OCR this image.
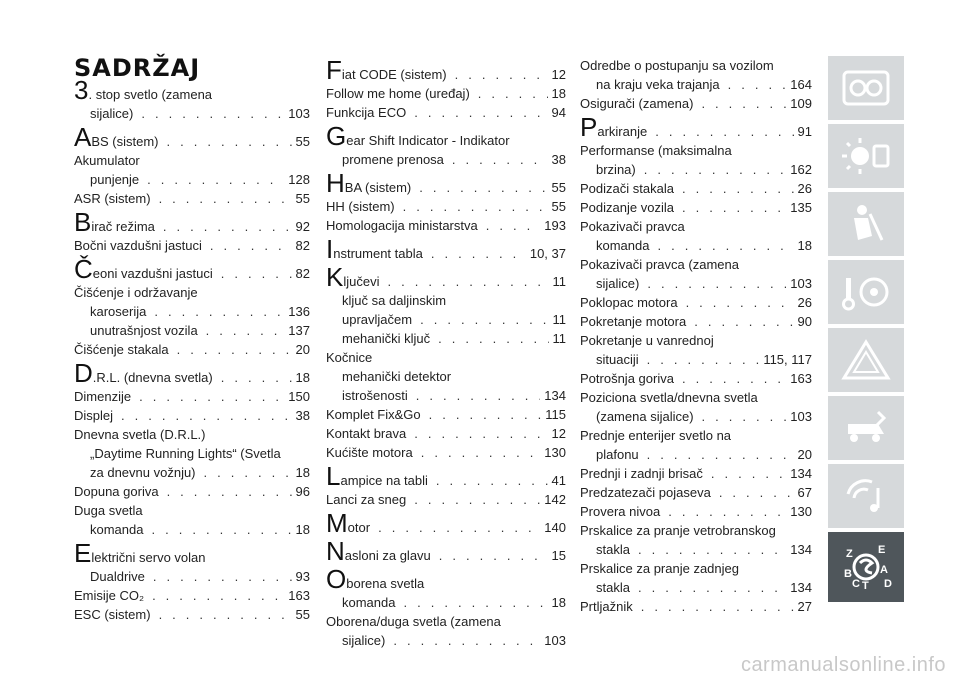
SADRŽAJ
3 . stop svetlo (zamena
sijalice) . . .	103
A BS (sistem) . . .	55
Akumulator
punjenje . . .	128
ASR (sistem) . . .	55
B irač režima . . .	92
Bočni vazdušni jastuci . . .	82
Č eoni vazdušni jastuci . . .	82
Čišćenje i održavanje
karoserija . . .	136
unutrašnjost vozila . . .	137
Čišćenje stakala . . .	20
D .R.L. (dnevna svetla) . . .	18
Dimenzije . . .	150
Displej . . .	38
Dnevna svetla (D.R.L.)
„Daytime Running Lights“ (Svetla
za dnevnu vožnju) . . .	18
Dopuna goriva . . .	96
Duga svetla
komanda . . .	18
E lektrični servo volan
Dualdrive . . .	93
Emisije CO₂ . . .	163
ESC (sistem) . . .	55
F iat CODE (sistem) . . .	12
Follow me home (uređaj) . . .	18
Funkcija ECO . . .	94
G ear Shift Indicator - Indikator
promene prenosa . . .	38
H BA (sistem) . . .	55
HH (sistem) . . .	55
Homologacija ministarstva . . .	193
I nstrument tabla . . .	10, 37
K ljučevi . . .	11
ključ sa daljinskim
upravljačem . . .	11
mehanički ključ . . .	11
Kočnice
mehanički detektor
istrošenosti . . .	134
Komplet Fix&Go . . .	115
Kontakt brava . . .	12
Kućište motora . . .	130
L ampice na tabli . . .	41
Lanci za sneg . . .	142
M otor . . .	140
N asloni za glavu . . .	15
O borena svetla
komanda . . .	18
Oborena/duga svetla (zamena
sijalice) . . .	103
Odredbe o postupanju sa vozilom
na kraju veka trajanja . . .	164
Osigurači (zamena) . . .	109
P arkiranje . . .	91
Performanse (maksimalna
brzina) . . .	162
Podizači stakala . . .	26
Podizanje vozila . . .	135
Pokazivači pravca
komanda . . .	18
Pokazivači pravca (zamena
sijalice) . . .	103
Poklopac motora . . .	26
Pokretanje motora . . .	90
Pokretanje u vanrednoj
situaciji . . .	115, 117
Potrošnja goriva . . .	163
Poziciona svetla/dnevna svetla
(zamena sijalice) . . .	103
Prednje enterijer svetlo na
plafonu . . .	20
Prednji i zadnji brisač . . .	134
Predzatezači pojaseva . . .	67
Provera nivoa . . .	130
Prskalice za pranje vetrobranskog
stakla . . .	134
Prskalice za pranje zadnjeg
stakla . . .	134
Prtljažnik . . .	27
Z E
B	A
C D
T
carmanualsonline.info
